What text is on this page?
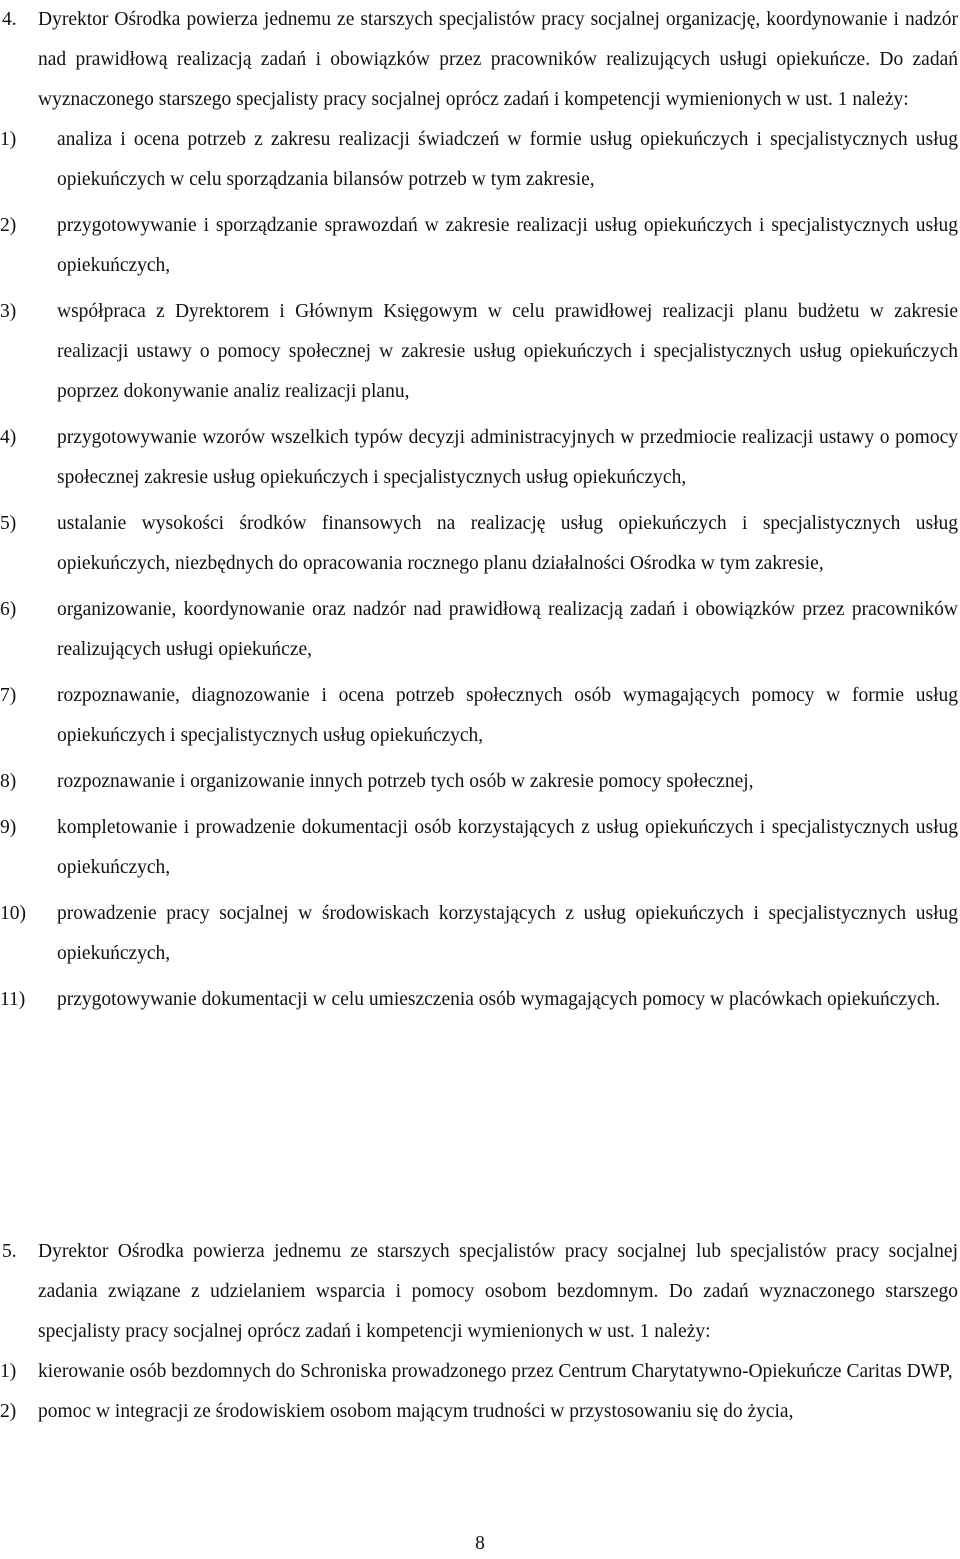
4. Dyrektor Ośrodka powierza jednemu ze starszych specjalistów pracy socjalnej organizację, koordynowanie i nadzór nad prawidłową realizacją zadań i obowiązków przez pracowników realizujących usługi opiekuńcze. Do zadań wyznaczonego starszego specjalisty pracy socjalnej oprócz zadań i kompetencji wymienionych w ust. 1 należy:
1) analiza i ocena potrzeb z zakresu realizacji świadczeń w formie usług opiekuńczych i specjalistycznych usług opiekuńczych w celu sporządzania bilansów potrzeb w tym zakresie,
2) przygotowywanie i sporządzanie sprawozdań w zakresie realizacji usług opiekuńczych i specjalistycznych usług opiekuńczych,
3) współpraca z Dyrektorem i Głównym Księgowym w celu prawidłowej realizacji planu budżetu w zakresie realizacji ustawy o pomocy społecznej w zakresie usług opiekuńczych i specjalistycznych usług opiekuńczych poprzez dokonywanie analiz realizacji planu,
4) przygotowywanie wzorów wszelkich typów decyzji administracyjnych w przedmiocie realizacji ustawy o pomocy społecznej zakresie usług opiekuńczych i specjalistycznych usług opiekuńczych,
5) ustalanie wysokości środków finansowych na realizację usług opiekuńczych i specjalistycznych usług opiekuńczych, niezbędnych do opracowania rocznego planu działalności Ośrodka w tym zakresie,
6) organizowanie, koordynowanie oraz nadzór nad prawidłową realizacją zadań i obowiązków przez pracowników realizujących usługi opiekuńcze,
7) rozpoznawanie, diagnozowanie i ocena potrzeb społecznych osób wymagających pomocy w formie usług opiekuńczych i specjalistycznych usług opiekuńczych,
8) rozpoznawanie i organizowanie innych potrzeb tych osób w zakresie pomocy społecznej,
9) kompletowanie i prowadzenie dokumentacji osób korzystających z usług opiekuńczych i specjalistycznych usług opiekuńczych,
10) prowadzenie pracy socjalnej w środowiskach korzystających z usług opiekuńczych i specjalistycznych usług opiekuńczych,
11) przygotowywanie dokumentacji w celu umieszczenia osób wymagających pomocy w placówkach opiekuńczych.
5. Dyrektor Ośrodka powierza jednemu ze starszych specjalistów pracy socjalnej lub specjalistów pracy socjalnej zadania związane z udzielaniem wsparcia i pomocy osobom bezdomnym. Do zadań wyznaczonego starszego specjalisty pracy socjalnej oprócz zadań i kompetencji wymienionych w ust. 1 należy:
1) kierowanie osób bezdomnych do Schroniska prowadzonego przez Centrum Charytatywno-Opiekuńcze Caritas DWP,
2) pomoc w integracji ze środowiskiem osobom mającym trudności w przystosowaniu się do życia,
8
